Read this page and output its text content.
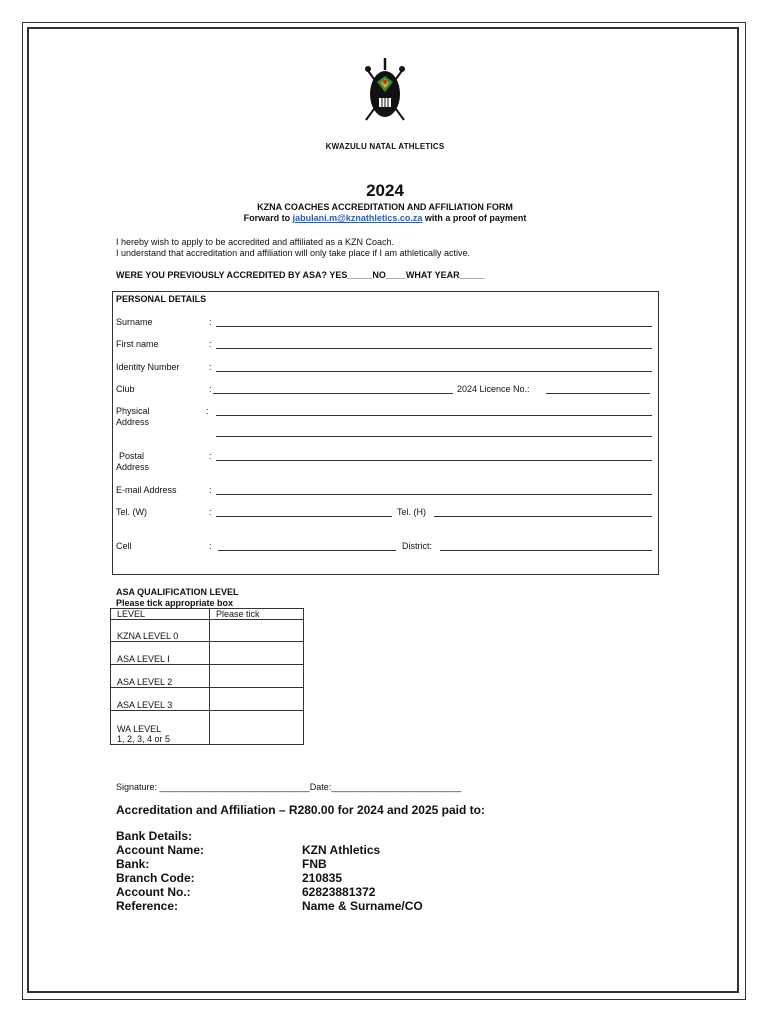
KWAZULU NATAL ATHLETICS
2024
KZNA COACHES ACCREDITATION AND AFFILIATION FORM
Forward to jabulani.m@kznathletics.co.za with a proof of payment
I hereby wish to apply to be accredited and affiliated as a KZN Coach.
I understand that accreditation and affiliation will only take place if I am athletically active.
WERE YOU PREVIOUSLY ACCREDITED BY ASA? YES_____NO____WHAT YEAR_____
PERSONAL DETAILS
Surname	:
First name	:
Identity Number	:
Club	:	2024 Licence No.:
Physical
Address
:
Postal
Address
:
E-mail Address	:
Tel. (W)	:	Tel. (H)
Cell	:	District:
ASA QUALIFICATION LEVEL
Please tick appropriate box
LEVEL	Please tick
KZNA LEVEL 0	
ASA LEVEL I	
ASA LEVEL 2	
ASA LEVEL 3	

WA LEVEL
1, 2, 3, 4 or 5	

Signature: ______________________________Date:__________________________
Accreditation and Affiliation – R280.00 for 2024 and 2025 paid to:
Bank Details:
Account Name:	KZN Athletics
Bank:	FNB
Branch Code:	210835
Account No.:	62823881372
Reference:	Name & Surname/CO
